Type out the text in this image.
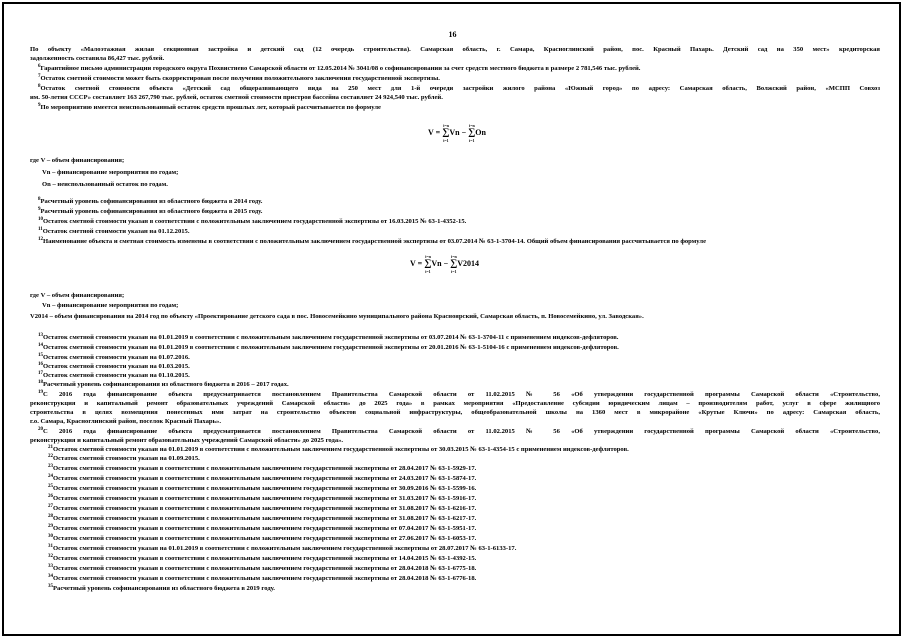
16
По объекту «Малоэтажная жилая секционная застройка и детский сад (12 очередь строительства). Самарская область, г. Самара, Красноглинский район, пос. Красный Пахарь. Детский сад на 350 мест» кредиторская
задолженность составила 86,427 тыс. рублей.
$^6$Гарантийное письмо администрации городского округа Похвистнево Самарской области от 12.05.2014 № 3041/08 о софинансировании за счет средств местного бюджета в размере 2 781,546 тыс. рублей.
$^7$Остаток сметной стоимости может быть скорректирован после получения положительного заключения государственной экспертизы.
$^8$Остаток сметной стоимости объекта «Детский сад общеразвивающего вида на 250 мест для 1-й очереди застройки жилого района «Южный город» по адресу: Самарская область, Волжский район, «МСПП Совхоз
им. 50-летия СССР» составляет 163 267,790 тыс. рублей, остаток сметной стоимости пристроя бассейна составляет 24 924,540 тыс. рублей.
$^9$По мероприятию имеется неиспользованный остаток средств прошлых лет, который рассчитывается по формуле
V = ∑
i=n
i=1
Vn − ∑
i=n
i=1
On
где V – объем финансирования;
Vn – финансирование мероприятия по годам;
On – неиспользованный остаток по годам.
$^8$Расчетный уровень софинансирования из областного бюджета в 2014 году.
$^9$Расчетный уровень софинансирования из областного бюджета в 2015 году.
$^{10}$Остаток сметной стоимости указан в соответствии с положительным заключением государственной экспертизы от 16.03.2015 № 63-1-4352-15.
$^{11}$Остаток сметной стоимости указан на 01.12.2015.
$^{12}$Наименование объекта и сметная стоимость изменены в соответствии с положительным заключением государственной экспертизы от 03.07.2014 № 63-1-3704-14. Общий объем финансирования рассчитывается по формуле
V = ∑
i=n
i=1
Vn − ∑
i=n
i=1
V2014
где V – объем финансирования;
Vn – финансирование мероприятия по годам;
V2014 – объем финансирования на 2014 год по объекту «Проектирование детского сада в пос. Новосемейкино муниципального района Красноярский, Самарская область, п. Новосемейкино, ул. Заводская».
$^{13}$Остаток сметной стоимости указан на 01.01.2019 в соответствии с положительным заключением государственной экспертизы от 03.07.2014 № 63-1-3704-11 с применением индексов-дефляторов.
$^{14}$Остаток сметной стоимости указан на 01.01.2019 в соответствии с положительным заключением государственной экспертизы от 20.01.2016 № 63-1-5104-16 с применением индексов-дефляторов.
$^{15}$Остаток сметной стоимости указан на 01.07.2016.
$^{16}$Остаток сметной стоимости указан на 01.03.2015.
$^{17}$Остаток сметной стоимости указан на 01.10.2015.
$^{18}$Расчетный уровень софинансирования из областного бюджета в 2016 – 2017 годах.
$^{19}$С 2016 года финансирование объекта предусматривается постановлением Правительства Самарской области от 11.02.2015 № 56 «Об утверждении государственной программы Самарской области «Строительство,
реконструкция и капитальный ремонт образовательных учреждений Самарской области» до 2025 года» в рамках мероприятия «Предоставление субсидии юридическим лицам – производителям работ, услуг в сфере жилищного
строительства в целях возмещения понесенных ими затрат на строительство объектов социальной инфраструктуры, общеобразовательной школы на 1360 мест в микрорайоне «Крутые Ключи» по адресу: Самарская область,
г.о. Самара, Красноглинский район, поселок Красный Пахарь».
$^{20}$С 2016 года финансирование объекта предусматривается постановлением Правительства Самарской области от 11.02.2015 № 56 «Об утверждении государственной программы Самарской области «Строительство,
реконструкция и капитальный ремонт образовательных учреждений Самарской области» до 2025 года».
$^{21}$Остаток сметной стоимости указан на 01.01.2019 в соответствии с положительным заключением государственной экспертизы от 30.03.2015 № 63-1-4354-15 с применением индексов-дефляторов.
$^{22}$Остаток сметной стоимости указан на 01.09.2015.
$^{23}$Остаток сметной стоимости указан в соответствии с положительным заключением государственной экспертизы от 28.04.2017 № 63-1-5929-17.
$^{24}$Остаток сметной стоимости указан в соответствии с положительным заключением государственной экспертизы от 24.03.2017 № 63-1-5874-17.
$^{25}$Остаток сметной стоимости указан в соответствии с положительным заключением государственной экспертизы от 30.09.2016 № 63-1-5599-16.
$^{26}$Остаток сметной стоимости указан в соответствии с положительным заключением государственной экспертизы от 31.03.2017 № 63-1-5916-17.
$^{27}$Остаток сметной стоимости указан в соответствии с положительным заключением государственной экспертизы от 31.08.2017 № 63-1-6216-17.
$^{28}$Остаток сметной стоимости указан в соответствии с положительным заключением государственной экспертизы от 31.08.2017 № 63-1-6217-17.
$^{29}$Остаток сметной стоимости указан в соответствии с положительным заключением государственной экспертизы от 07.04.2017 № 63-1-5951-17.
$^{30}$Остаток сметной стоимости указан в соответствии с положительным заключением государственной экспертизы от 27.06.2017 № 63-1-6053-17.
$^{31}$Остаток сметной стоимости указан на 01.01.2019 в соответствии с положительным заключением государственной экспертизы от 28.07.2017 № 63-1-6133-17.
$^{32}$Остаток сметной стоимости указан в соответствии с положительным заключением государственной экспертизы от 14.04.2015 № 63-1-4392-15.
$^{33}$Остаток сметной стоимости указан в соответствии с положительным заключением государственной экспертизы от 28.04.2018 № 63-1-6775-18.
$^{34}$Остаток сметной стоимости указан в соответствии с положительным заключением государственной экспертизы от 28.04.2018 № 63-1-6776-18.
$^{35}$Расчетный уровень софинансирования из областного бюджета в 2019 году.
